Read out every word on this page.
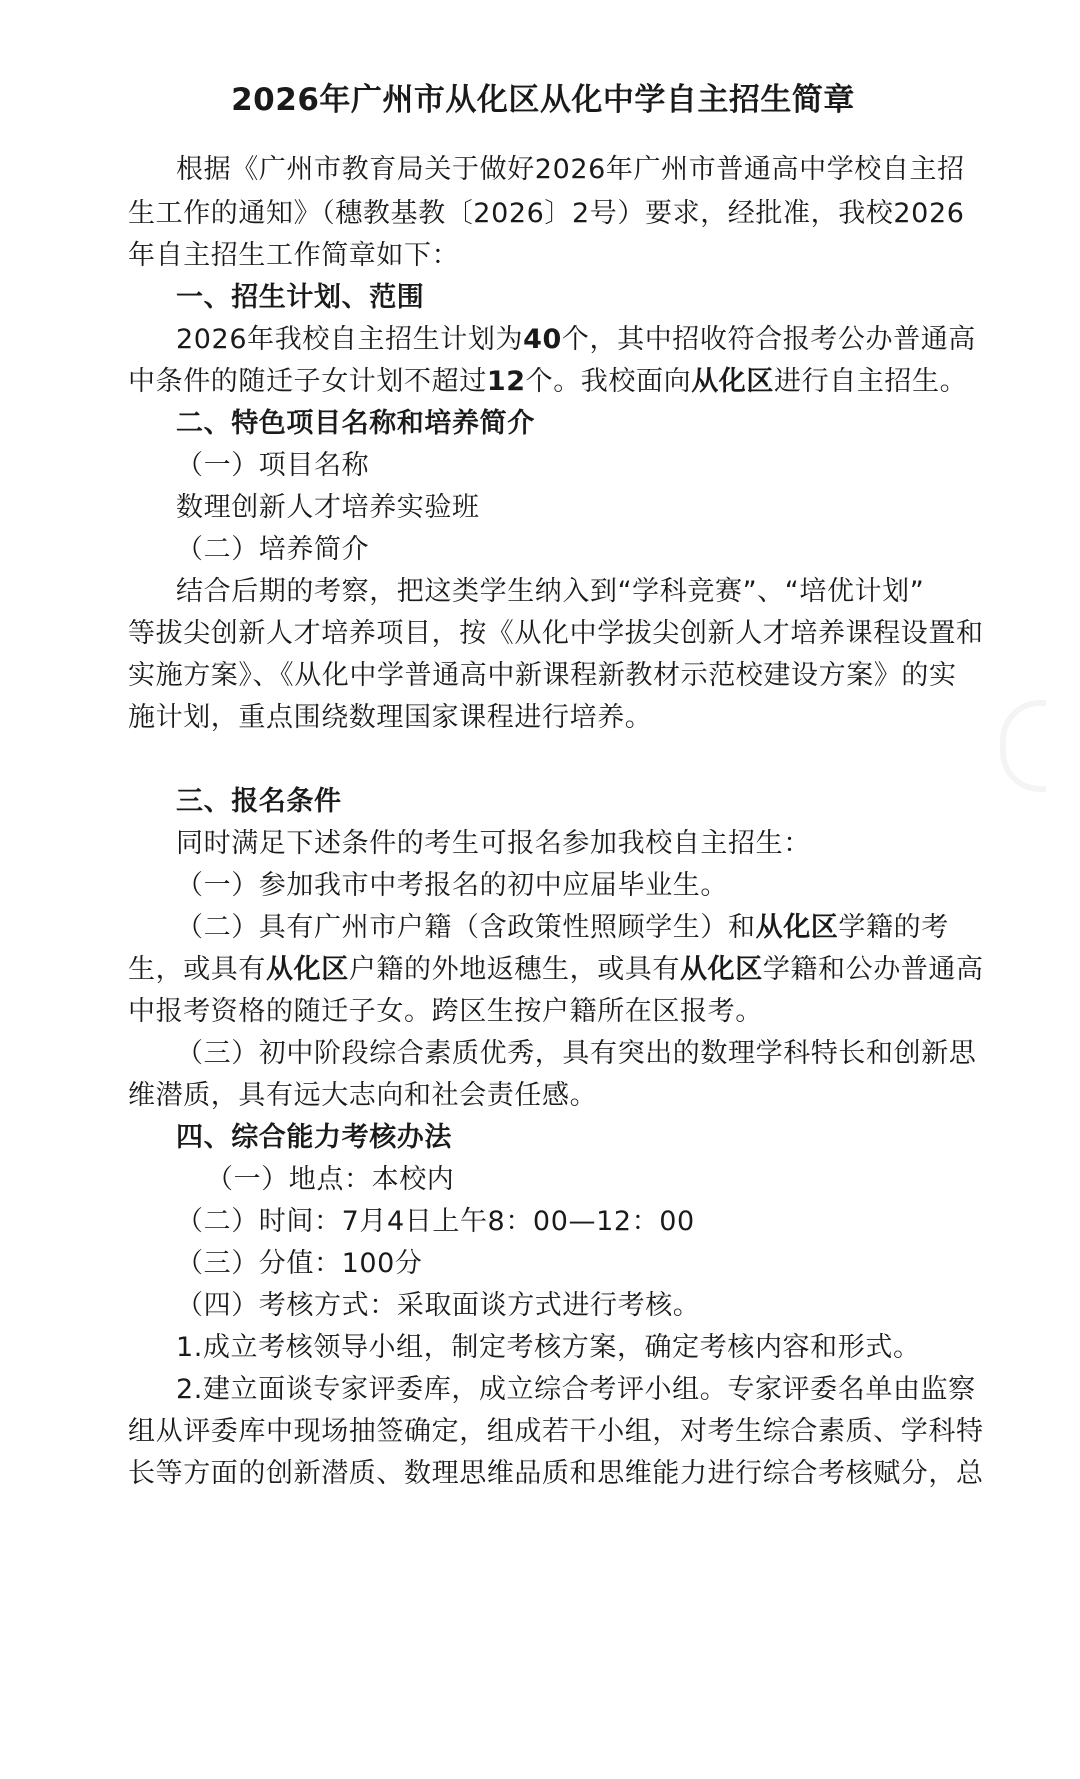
2026年广州市从化区从化中学自主招生简章
根据《广州市教育局关于做好2026年广州市普通高中学校自主招
生工作的通知》（穗教基教〔2026〕2号）要求，经批准，我校2026
年自主招生工作简章如下：
一、招生计划、范围
2026年我校自主招生计划为40个，其中招收符合报考公办普通高
中条件的随迁子女计划不超过12个。我校面向从化区进行自主招生。
二、特色项目名称和培养简介
（一）项目名称
数理创新人才培养实验班
（二）培养简介
结合后期的考察，把这类学生纳入到“学科竞赛”、“培优计划”
等拔尖创新人才培养项目，按《从化中学拔尖创新人才培养课程设置和
实施方案》、《从化中学普通高中新课程新教材示范校建设方案》的实
施计划，重点围绕数理国家课程进行培养。
三、报名条件
同时满足下述条件的考生可报名参加我校自主招生：
（一）参加我市中考报名的初中应届毕业生。
（二）具有广州市户籍（含政策性照顾学生）和从化区学籍的考
生，或具有从化区户籍的外地返穗生，或具有从化区学籍和公办普通高
中报考资格的随迁子女。跨区生按户籍所在区报考。
（三）初中阶段综合素质优秀，具有突出的数理学科特长和创新思
维潜质，具有远大志向和社会责任感。
四、综合能力考核办法
（一）地点：本校内
（二）时间：7月4日上午8：00—12：00
（三）分值：100分
（四）考核方式：采取面谈方式进行考核。
1.成立考核领导小组，制定考核方案，确定考核内容和形式。
2.建立面谈专家评委库，成立综合考评小组。专家评委名单由监察
组从评委库中现场抽签确定，组成若干小组，对考生综合素质、学科特
长等方面的创新潜质、数理思维品质和思维能力进行综合考核赋分，总
